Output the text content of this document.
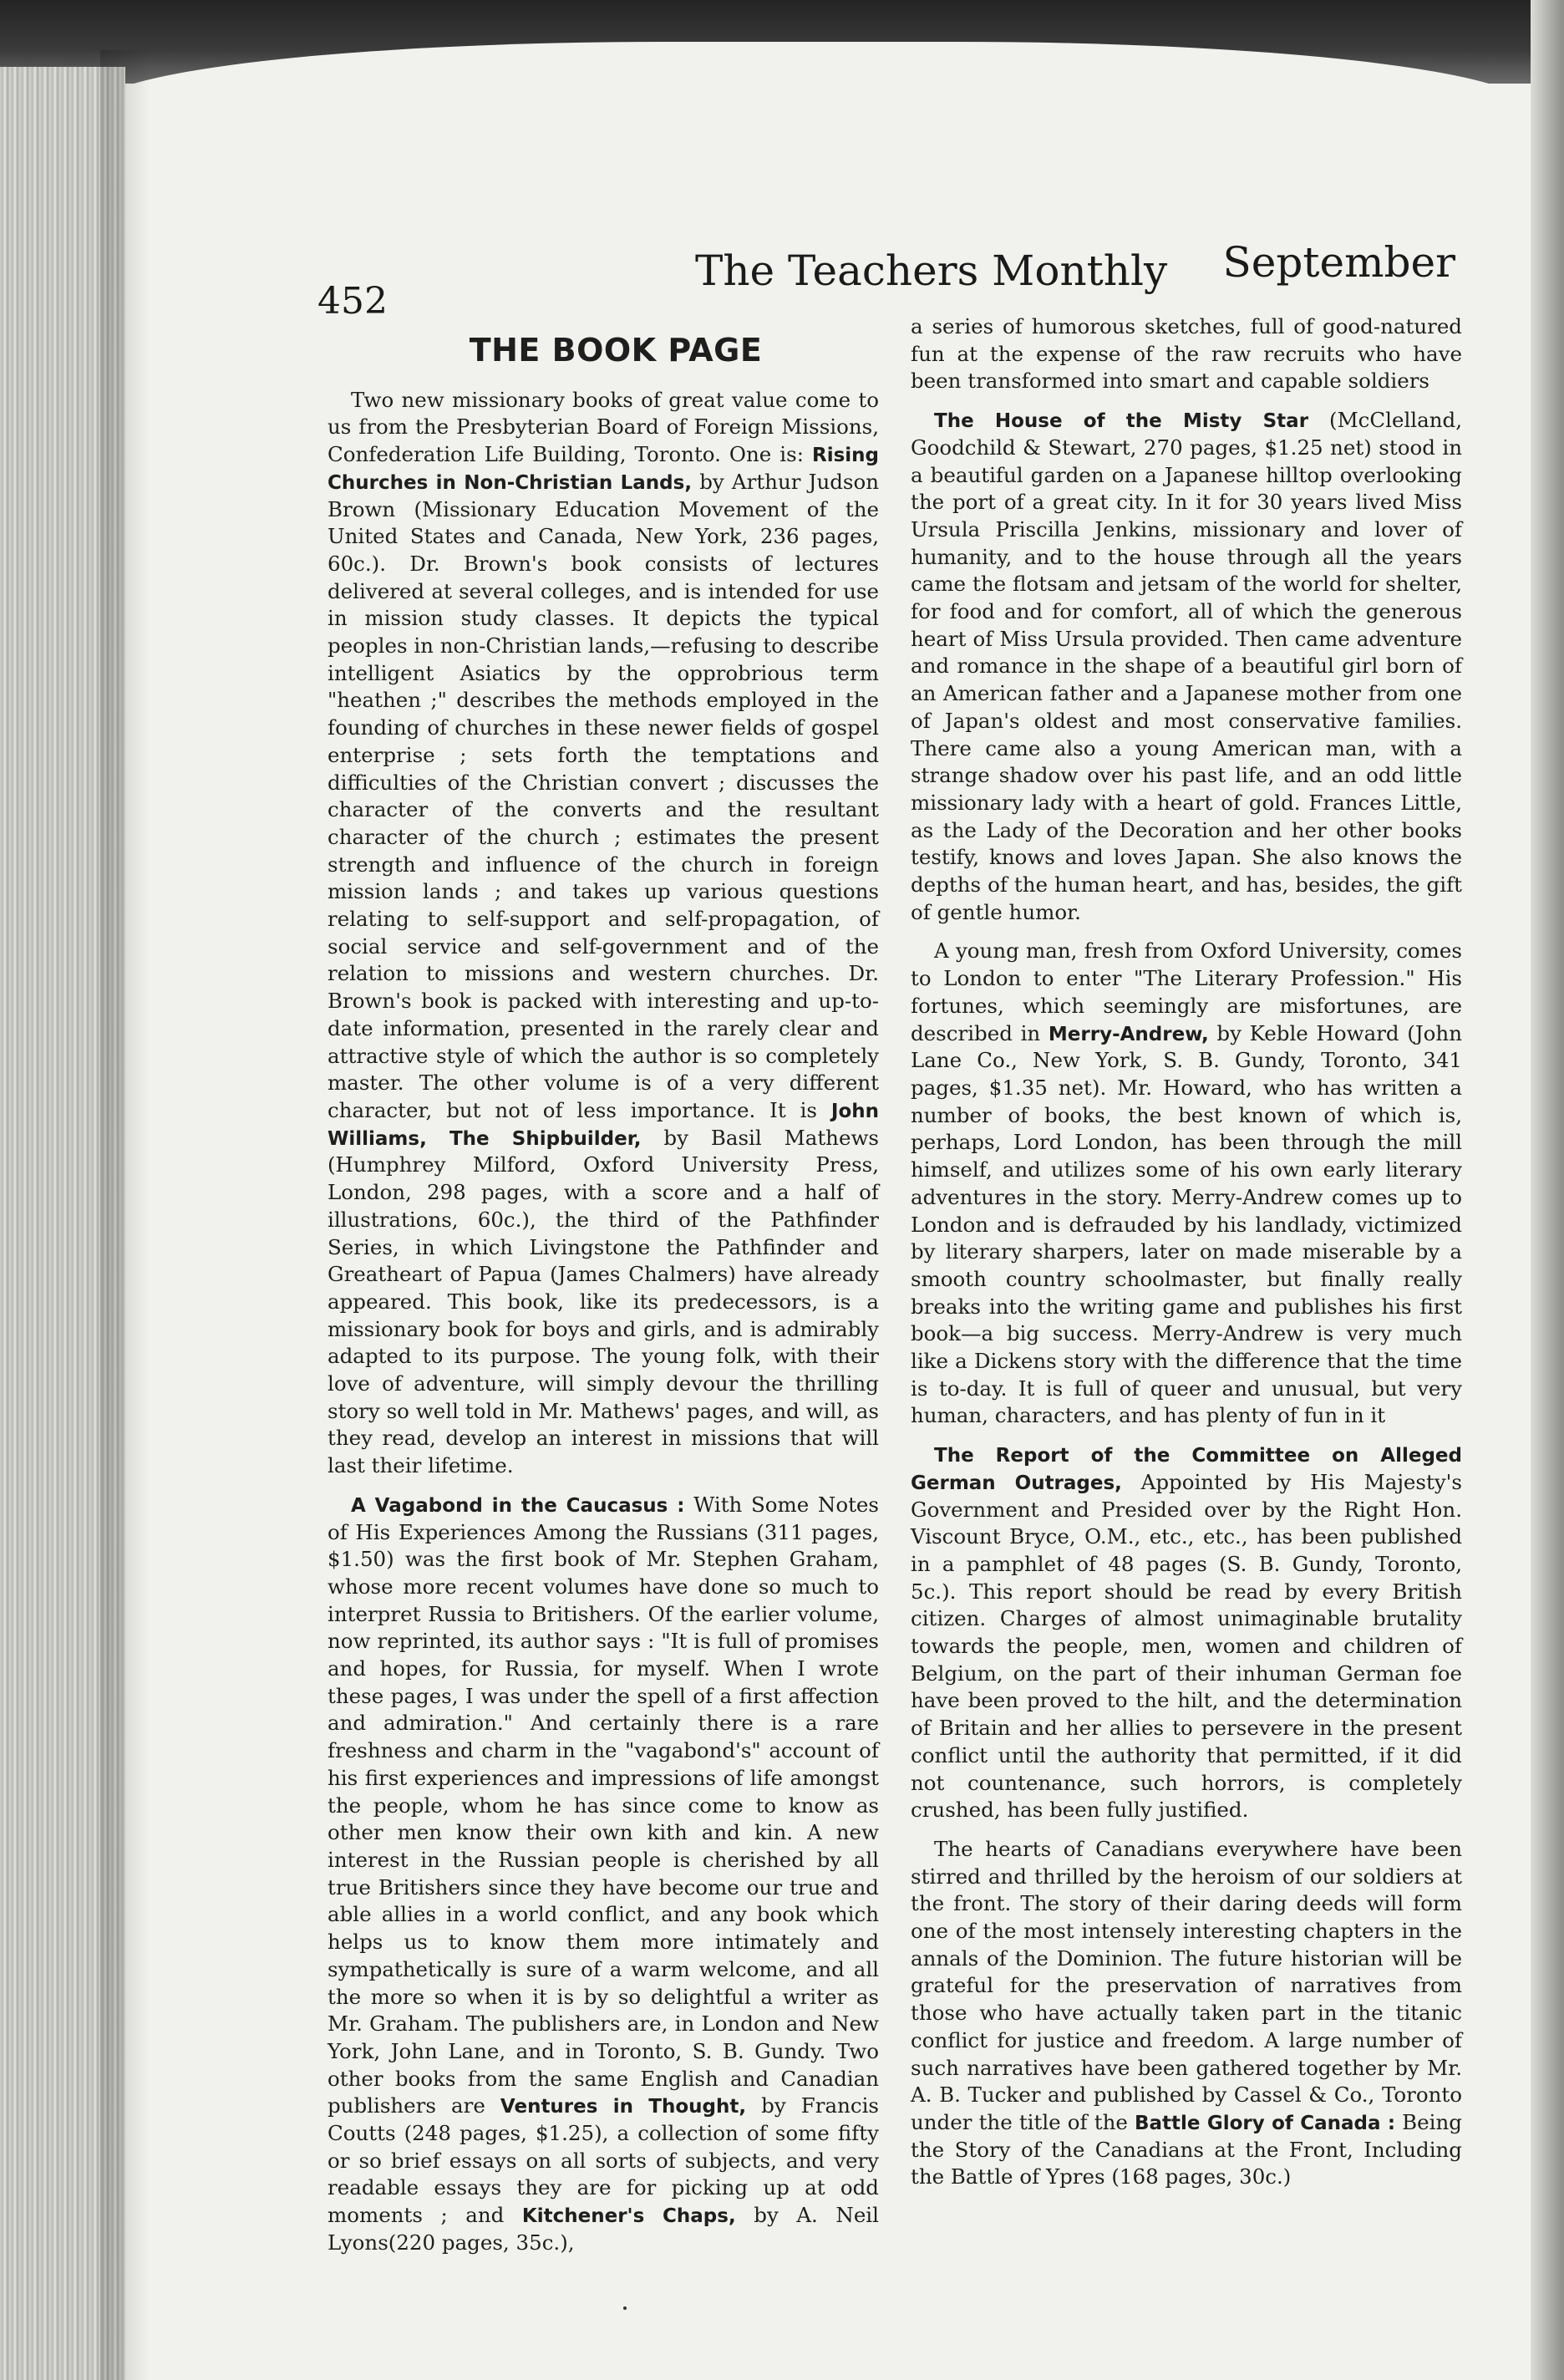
452
The Teachers Monthly September
THE BOOK PAGE

Two new missionary books of great value come to us from the Presbyterian Board of Foreign Missions, Confederation Life Building, Toronto. One is: Rising Churches in Non-Christian Lands, by Arthur Judson Brown (Missionary Education Movement of the United States and Canada, New York, 236 pages, 60c.). Dr. Brown's book consists of lectures delivered at several colleges, and is intended for use in mission study classes. It depicts the typical peoples in non-Christian lands,—refusing to describe intelligent Asiatics by the opprobrious term "heathen ;" describes the methods employed in the founding of churches in these newer fields of gospel enterprise ; sets forth the temptations and difficulties of the Christian convert ; discusses the character of the converts and the resultant character of the church ; estimates the present strength and influence of the church in foreign mission lands ; and takes up various questions relating to self-support and self-propagation, of social service and self-government and of the relation to missions and western churches. Dr. Brown's book is packed with interesting and up-to-date information, presented in the rarely clear and attractive style of which the author is so completely master. The other volume is of a very different character, but not of less importance. It is John Williams, The Shipbuilder, by Basil Mathews (Humphrey Milford, Oxford University Press, London, 298 pages, with a score and a half of illustrations, 60c.), the third of the Pathfinder Series, in which Livingstone the Pathfinder and Greatheart of Papua (James Chalmers) have already appeared. This book, like its predecessors, is a missionary book for boys and girls, and is admirably adapted to its purpose. The young folk, with their love of adventure, will simply devour the thrilling story so well told in Mr. Mathews' pages, and will, as they read, develop an interest in missions that will last their lifetime.

A Vagabond in the Caucasus : With Some Notes of His Experiences Among the Russians (311 pages, $1.50) was the first book of Mr. Stephen Graham, whose more recent volumes have done so much to interpret Russia to Britishers. Of the earlier volume, now reprinted, its author says : "It is full of promises and hopes, for Russia, for myself. When I wrote these pages, I was under the spell of a first affection and admiration." And certainly there is a rare freshness and charm in the "vagabond's" account of his first experiences and impressions of life amongst the people, whom he has since come to know as other men know their own kith and kin. A new interest in the Russian people is cherished by all true Britishers since they have become our true and able allies in a world conflict, and any book which helps us to know them more intimately and sympathetically is sure of a warm welcome, and all the more so when it is by so delightful a writer as Mr. Graham. The publishers are, in London and New York, John Lane, and in Toronto, S. B. Gundy. Two other books from the same English and Canadian publishers are Ventures in Thought, by Francis Coutts (248 pages, $1.25), a collection of some fifty or so brief essays on all sorts of subjects, and very readable essays they are for picking up at odd moments ; and Kitchener's Chaps, by A. Neil Lyons(220 pages, 35c.),

a series of humorous sketches, full of good-natured fun at the expense of the raw recruits who have been transformed into smart and capable soldiers

The House of the Misty Star (McClelland, Goodchild & Stewart, 270 pages, $1.25 net) stood in a beautiful garden on a Japanese hilltop overlooking the port of a great city. In it for 30 years lived Miss Ursula Priscilla Jenkins, missionary and lover of humanity, and to the house through all the years came the flotsam and jetsam of the world for shelter, for food and for comfort, all of which the generous heart of Miss Ursula provided. Then came adventure and romance in the shape of a beautiful girl born of an American father and a Japanese mother from one of Japan's oldest and most conservative families. There came also a young American man, with a strange shadow over his past life, and an odd little missionary lady with a heart of gold. Frances Little, as the Lady of the Decoration and her other books testify, knows and loves Japan. She also knows the depths of the human heart, and has, besides, the gift of gentle humor.

A young man, fresh from Oxford University, comes to London to enter "The Literary Profession." His fortunes, which seemingly are misfortunes, are described in Merry-Andrew, by Keble Howard (John Lane Co., New York, S. B. Gundy, Toronto, 341 pages, $1.35 net). Mr. Howard, who has written a number of books, the best known of which is, perhaps, Lord London, has been through the mill himself, and utilizes some of his own early literary adventures in the story. Merry-Andrew comes up to London and is defrauded by his landlady, victimized by literary sharpers, later on made miserable by a smooth country schoolmaster, but finally really breaks into the writing game and publishes his first book—a big success. Merry-Andrew is very much like a Dickens story with the difference that the time is to-day. It is full of queer and unusual, but very human, characters, and has plenty of fun in it

The Report of the Committee on Alleged German Outrages, Appointed by His Majesty's Government and Presided over by the Right Hon. Viscount Bryce, O.M., etc., etc., has been published in a pamphlet of 48 pages (S. B. Gundy, Toronto, 5c.). This report should be read by every British citizen. Charges of almost unimaginable brutality towards the people, men, women and children of Belgium, on the part of their inhuman German foe have been proved to the hilt, and the determination of Britain and her allies to persevere in the present conflict until the authority that permitted, if it did not countenance, such horrors, is completely crushed, has been fully justified.

The hearts of Canadians everywhere have been stirred and thrilled by the heroism of our soldiers at the front. The story of their daring deeds will form one of the most intensely interesting chapters in the annals of the Dominion. The future historian will be grateful for the preservation of narratives from those who have actually taken part in the titanic conflict for justice and freedom. A large number of such narratives have been gathered together by Mr. A. B. Tucker and published by Cassel & Co., Toronto under the title of the Battle Glory of Canada : Being the Story of the Canadians at the Front, Including the Battle of Ypres (168 pages, 30c.)
